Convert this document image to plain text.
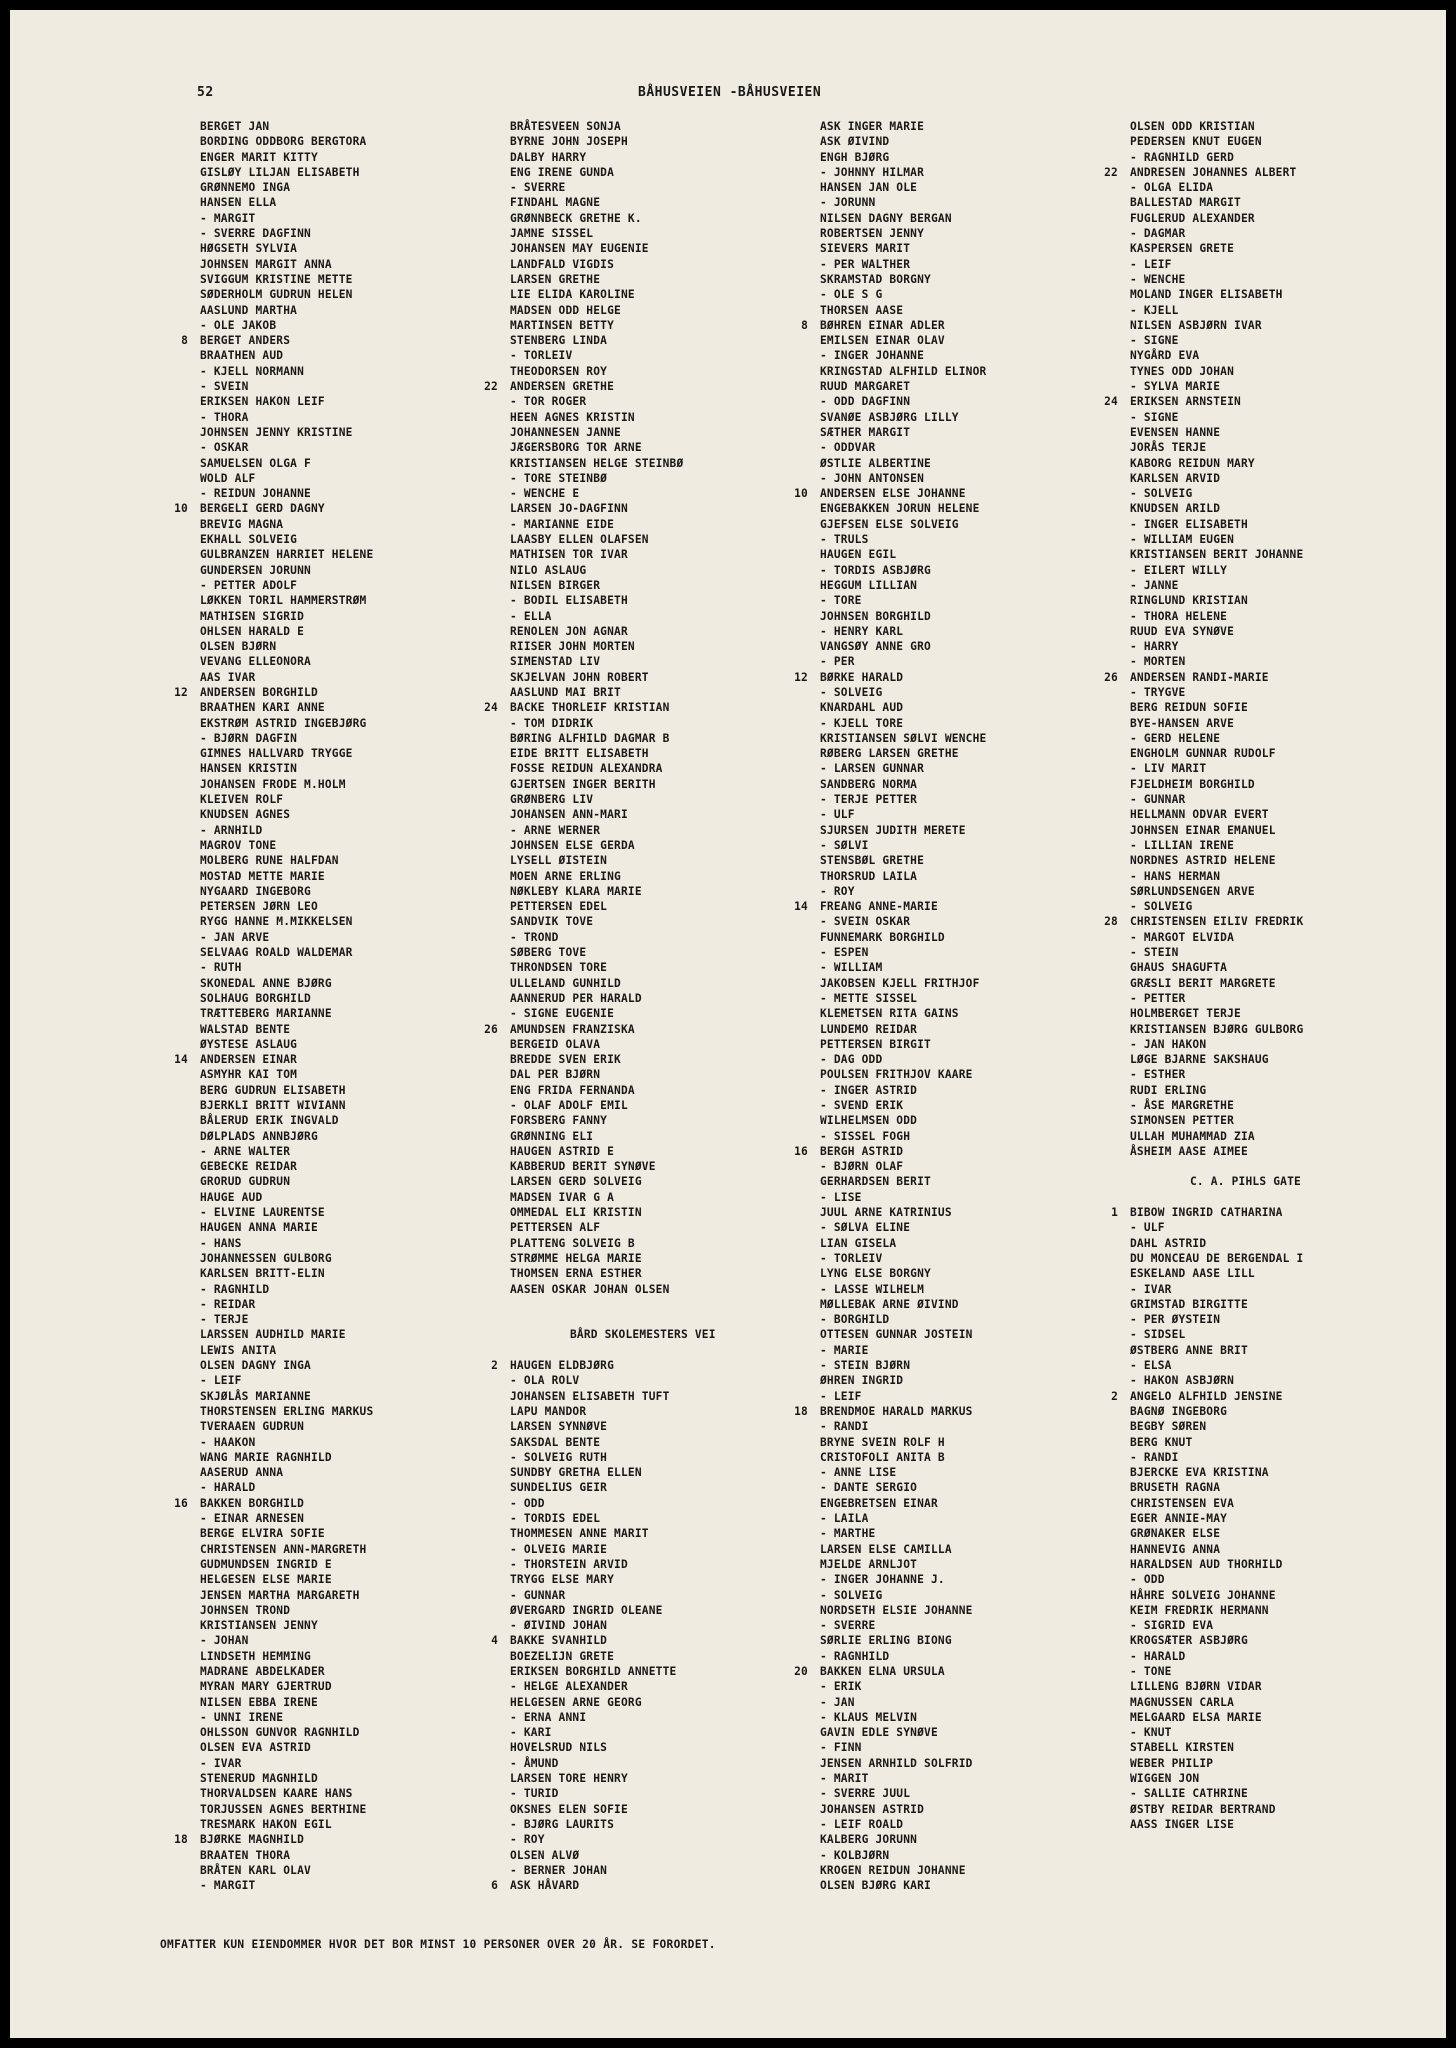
52	BÅHUSVEIEN -BÅHUSVEIEN
BERGET JAN
BORDING ODDBORG BERGTORA
ENGER MARIT KITTY
GISLØY LILJAN ELISABETH
GRØNNEMO INGA
HANSEN ELLA
- MARGIT
- SVERRE DAGFINN
HØGSETH SYLVIA
JOHNSEN MARGIT ANNA
SVIGGUM KRISTINE METTE
SØDERHOLM GUDRUN HELEN
AASLUND MARTHA
- OLE JAKOB
8 BERGET ANDERS
BRAATHEN AUD
- KJELL NORMANN
- SVEIN
ERIKSEN HAKON LEIF
- THORA
JOHNSEN JENNY KRISTINE
- OSKAR
SAMUELSEN OLGA F
WOLD ALF
- REIDUN JOHANNE
10 BERGELI GERD DAGNY
BREVIG MAGNA
EKHALL SOLVEIG
GULBRANZEN HARRIET HELENE
GUNDERSEN JORUNN
- PETTER ADOLF
LØKKEN TORIL HAMMERSTRØM
MATHISEN SIGRID
OHLSEN HARALD E
OLSEN BJØRN
VEVANG ELLEONORA
AAS IVAR
12 ANDERSEN BORGHILD
BRAATHEN KARI ANNE
EKSTRØM ASTRID INGEBJØRG
- BJØRN DAGFIN
GIMNES HALLVARD TRYGGE
HANSEN KRISTIN
JOHANSEN FRODE M.HOLM
KLEIVEN ROLF
KNUDSEN AGNES
- ARNHILD
MAGROV TONE
MOLBERG RUNE HALFDAN
MOSTAD METTE MARIE
NYGAARD INGEBORG
PETERSEN JØRN LEO
RYGG HANNE M.MIKKELSEN
- JAN ARVE
SELVAAG ROALD WALDEMAR
- RUTH
SKONEDAL ANNE BJØRG
SOLHAUG BORGHILD
TRÆTTEBERG MARIANNE
WALSTAD BENTE
ØYSTESE ASLAUG
14 ANDERSEN EINAR
ASMYHR KAI TOM
BERG GUDRUN ELISABETH
BJERKLI BRITT WIVIANN
BÅLERUD ERIK INGVALD
DØLPLADS ANNBJØRG
- ARNE WALTER
GEBECKE REIDAR
GRORUD GUDRUN
HAUGE AUD
- ELVINE LAURENTSE
HAUGEN ANNA MARIE
- HANS
JOHANNESSEN GULBORG
KARLSEN BRITT-ELIN
- RAGNHILD
- REIDAR
- TERJE
LARSSEN AUDHILD MARIE
LEWIS ANITA
OLSEN DAGNY INGA
- LEIF
SKJØLÅS MARIANNE
THORSTENSEN ERLING MARKUS
TVERAAEN GUDRUN
- HAAKON
WANG MARIE RAGNHILD
AASERUD ANNA
- HARALD
16 BAKKEN BORGHILD
- EINAR ARNESEN
BERGE ELVIRA SOFIE
CHRISTENSEN ANN-MARGRETH
GUDMUNDSEN INGRID E
HELGESEN ELSE MARIE
JENSEN MARTHA MARGARETH
JOHNSEN TROND
KRISTIANSEN JENNY
- JOHAN
LINDSETH HEMMING
MADRANE ABDELKADER
MYRAN MARY GJERTRUD
NILSEN EBBA IRENE
- UNNI IRENE
OHLSSON GUNVOR RAGNHILD
OLSEN EVA ASTRID
- IVAR
STENERUD MAGNHILD
THORVALDSEN KAARE HANS
TORJUSSEN AGNES BERTHINE
TRESMARK HAKON EGIL
18 BJØRKE MAGNHILD
BRAATEN THORA
BRÅTEN KARL OLAV
- MARGIT
BRÅTESVEEN SONJA
BYRNE JOHN JOSEPH
DALBY HARRY
ENG IRENE GUNDA
- SVERRE
FINDAHL MAGNE
GRØNNBECK GRETHE K.
JAMNE SISSEL
JOHANSEN MAY EUGENIE
LANDFALD VIGDIS
LARSEN GRETHE
LIE ELIDA KAROLINE
MADSEN ODD HELGE
MARTINSEN BETTY
STENBERG LINDA
- TORLEIV
THEODORSEN ROY
22 ANDERSEN GRETHE
- TOR ROGER
HEEN AGNES KRISTIN
JOHANNESEN JANNE
JÆGERSBORG TOR ARNE
KRISTIANSEN HELGE STEINBØ
- TORE STEINBØ
- WENCHE E
LARSEN JO-DAGFINN
- MARIANNE EIDE
LAASBY ELLEN OLAFSEN
MATHISEN TOR IVAR
NILO ASLAUG
NILSEN BIRGER
- BODIL ELISABETH
- ELLA
RENOLEN JON AGNAR
RIISER JOHN MORTEN
SIMENSTAD LIV
SKJELVAN JOHN ROBERT
AASLUND MAI BRIT
24 BACKE THORLEIF KRISTIAN
- TOM DIDRIK
BØRING ALFHILD DAGMAR B
EIDE BRITT ELISABETH
FOSSE REIDUN ALEXANDRA
GJERTSEN INGER BERITH
GRØNBERG LIV
JOHANSEN ANN-MARI
- ARNE WERNER
JOHNSEN ELSE GERDA
LYSELL ØISTEIN
MOEN ARNE ERLING
NØKLEBY KLARA MARIE
PETTERSEN EDEL
SANDVIK TOVE
- TROND
SØBERG TOVE
THRONDSEN TORE
ULLELAND GUNHILD
AANNERUD PER HARALD
- SIGNE EUGENIE
26 AMUNDSEN FRANZISKA
BERGEID OLAVA
BREDDE SVEN ERIK
DAL PER BJØRN
ENG FRIDA FERNANDA
- OLAF ADOLF EMIL
FORSBERG FANNY
GRØNNING ELI
HAUGEN ASTRID E
KABBERUD BERIT SYNØVE
LARSEN GERD SOLVEIG
MADSEN IVAR G A
OMMEDAL ELI KRISTIN
PETTERSEN ALF
PLATTENG SOLVEIG B
STRØMME HELGA MARIE
THOMSEN ERNA ESTHER
AASEN OSKAR JOHAN OLSEN
BÅRD SKOLEMESTERS VEI
2 HAUGEN ELDBJØRG
- OLA ROLV
JOHANSEN ELISABETH TUFT
LAPU MANDOR
LARSEN SYNNØVE
SAKSDAL BENTE
- SOLVEIG RUTH
SUNDBY GRETHA ELLEN
SUNDELIUS GEIR
- ODD
- TORDIS EDEL
THOMMESEN ANNE MARIT
- OLVEIG MARIE
- THORSTEIN ARVID
TRYGG ELSE MARY
- GUNNAR
ØVERGARD INGRID OLEANE
- ØIVIND JOHAN
4 BAKKE SVANHILD
BOEZELIJN GRETE
ERIKSEN BORGHILD ANNETTE
- HELGE ALEXANDER
HELGESEN ARNE GEORG
- ERNA ANNI
- KARI
HOVELSRUD NILS
- ÅMUND
LARSEN TORE HENRY
- TURID
OKSNES ELEN SOFIE
- BJØRG LAURITS
- ROY
OLSEN ALVØ
- BERNER JOHAN
6 ASK HÅVARD
ASK INGER MARIE
ASK ØIVIND
ENGH BJØRG
- JOHNNY HILMAR
HANSEN JAN OLE
- JORUNN
NILSEN DAGNY BERGAN
ROBERTSEN JENNY
SIEVERS MARIT
- PER WALTHER
SKRAMSTAD BORGNY
- OLE S G
THORSEN AASE
8 BØHREN EINAR ADLER
EMILSEN EINAR OLAV
- INGER JOHANNE
KRINGSTAD ALFHILD ELINOR
RUUD MARGARET
- ODD DAGFINN
SVANØE ASBJØRG LILLY
SÆTHER MARGIT
- ODDVAR
ØSTLIE ALBERTINE
- JOHN ANTONSEN
10 ANDERSEN ELSE JOHANNE
ENGEBAKKEN JORUN HELENE
GJEFSEN ELSE SOLVEIG
- TRULS
HAUGEN EGIL
- TORDIS ASBJØRG
HEGGUM LILLIAN
- TORE
JOHNSEN BORGHILD
- HENRY KARL
VANGSØY ANNE GRO
- PER
12 BØRKE HARALD
- SOLVEIG
KNARDAHL AUD
- KJELL TORE
KRISTIANSEN SØLVI WENCHE
RØBERG LARSEN GRETHE
- LARSEN GUNNAR
SANDBERG NORMA
- TERJE PETTER
- ULF
SJURSEN JUDITH MERETE
- SØLVI
STENSBØL GRETHE
THORSRUD LAILA
- ROY
14 FREANG ANNE-MARIE
- SVEIN OSKAR
FUNNEMARK BORGHILD
- ESPEN
- WILLIAM
JAKOBSEN KJELL FRITHJOF
- METTE SISSEL
KLEMETSEN RITA GAINS
LUNDEMO REIDAR
PETTERSEN BIRGIT
- DAG ODD
POULSEN FRITHJOV KAARE
- INGER ASTRID
- SVEND ERIK
WILHELMSEN ODD
- SISSEL FOGH
16 BERGH ASTRID
- BJØRN OLAF
GERHARDSEN BERIT
- LISE
JUUL ARNE KATRINIUS
- SØLVA ELINE
LIAN GISELA
- TORLEIV
LYNG ELSE BORGNY
- LASSE WILHELM
MØLLEBAK ARNE ØIVIND
- BORGHILD
OTTESEN GUNNAR JOSTEIN
- MARIE
- STEIN BJØRN
ØHREN INGRID
- LEIF
18 BRENDMOE HARALD MARKUS
- RANDI
BRYNE SVEIN ROLF H
CRISTOFOLI ANITA B
- ANNE LISE
- DANTE SERGIO
ENGEBRETSEN EINAR
- LAILA
- MARTHE
LARSEN ELSE CAMILLA
MJELDE ARNLJOT
- INGER JOHANNE J.
- SOLVEIG
NORDSETH ELSIE JOHANNE
- SVERRE
SØRLIE ERLING BIONG
- RAGNHILD
20 BAKKEN ELNA URSULA
- ERIK
- JAN
- KLAUS MELVIN
GAVIN EDLE SYNØVE
- FINN
JENSEN ARNHILD SOLFRID
- MARIT
- SVERRE JUUL
JOHANSEN ASTRID
- LEIF ROALD
KALBERG JORUNN
- KOLBJØRN
KROGEN REIDUN JOHANNE
OLSEN BJØRG KARI
OLSEN ODD KRISTIAN
PEDERSEN KNUT EUGEN
- RAGNHILD GERD
22 ANDRESEN JOHANNES ALBERT
- OLGA ELIDA
BALLESTAD MARGIT
FUGLERUD ALEXANDER
- DAGMAR
KASPERSEN GRETE
- LEIF
- WENCHE
MOLAND INGER ELISABETH
- KJELL
NILSEN ASBJØRN IVAR
- SIGNE
NYGÅRD EVA
TYNES ODD JOHAN
- SYLVA MARIE
24 ERIKSEN ARNSTEIN
- SIGNE
EVENSEN HANNE
JORÅS TERJE
KABORG REIDUN MARY
KARLSEN ARVID
- SOLVEIG
KNUDSEN ARILD
- INGER ELISABETH
- WILLIAM EUGEN
KRISTIANSEN BERIT JOHANNE
- EILERT WILLY
- JANNE
RINGLUND KRISTIAN
- THORA HELENE
RUUD EVA SYNØVE
- HARRY
- MORTEN
26 ANDERSEN RANDI-MARIE
- TRYGVE
BERG REIDUN SOFIE
BYE-HANSEN ARVE
- GERD HELENE
ENGHOLM GUNNAR RUDOLF
- LIV MARIT
FJELDHEIM BORGHILD
- GUNNAR
HELLMANN ODVAR EVERT
JOHNSEN EINAR EMANUEL
- LILLIAN IRENE
NORDNES ASTRID HELENE
- HANS HERMAN
SØRLUNDSENGEN ARVE
- SOLVEIG
28 CHRISTENSEN EILIV FREDRIK
- MARGOT ELVIDA
- STEIN
GHAUS SHAGUFTA
GRÆSLI BERIT MARGRETE
- PETTER
HOLMBERGET TERJE
KRISTIANSEN BJØRG GULBORG
- JAN HAKON
LØGE BJARNE SAKSHAUG
- ESTHER
RUDI ERLING
- ÅSE MARGRETHE
SIMONSEN PETTER
ULLAH MUHAMMAD ZIA
ÅSHEIM AASE AIMEE
C. A. PIHLS GATE
1 BIBOW INGRID CATHARINA
- ULF
DAHL ASTRID
DU MONCEAU DE BERGENDAL I
ESKELAND AASE LILL
- IVAR
GRIMSTAD BIRGITTE
- PER ØYSTEIN
- SIDSEL
ØSTBERG ANNE BRIT
- ELSA
- HAKON ASBJØRN
2 ANGELO ALFHILD JENSINE
BAGNØ INGEBORG
BEGBY SØREN
BERG KNUT
- RANDI
BJERCKE EVA KRISTINA
BRUSETH RAGNA
CHRISTENSEN EVA
EGER ANNIE-MAY
GRØNAKER ELSE
HANNEVIG ANNA
HARALDSEN AUD THORHILD
- ODD
HÅHRE SOLVEIG JOHANNE
KEIM FREDRIK HERMANN
- SIGRID EVA
KROGSÆTER ASBJØRG
- HARALD
- TONE
LILLENG BJØRN VIDAR
MAGNUSSEN CARLA
MELGAARD ELSA MARIE
- KNUT
STABELL KIRSTEN
WEBER PHILIP
WIGGEN JON
- SALLIE CATHRINE
ØSTBY REIDAR BERTRAND
AASS INGER LISE
OMFATTER KUN EIENDOMMER HVOR DET BOR MINST 10 PERSONER OVER 20 ÅR. SE FORORDET.
